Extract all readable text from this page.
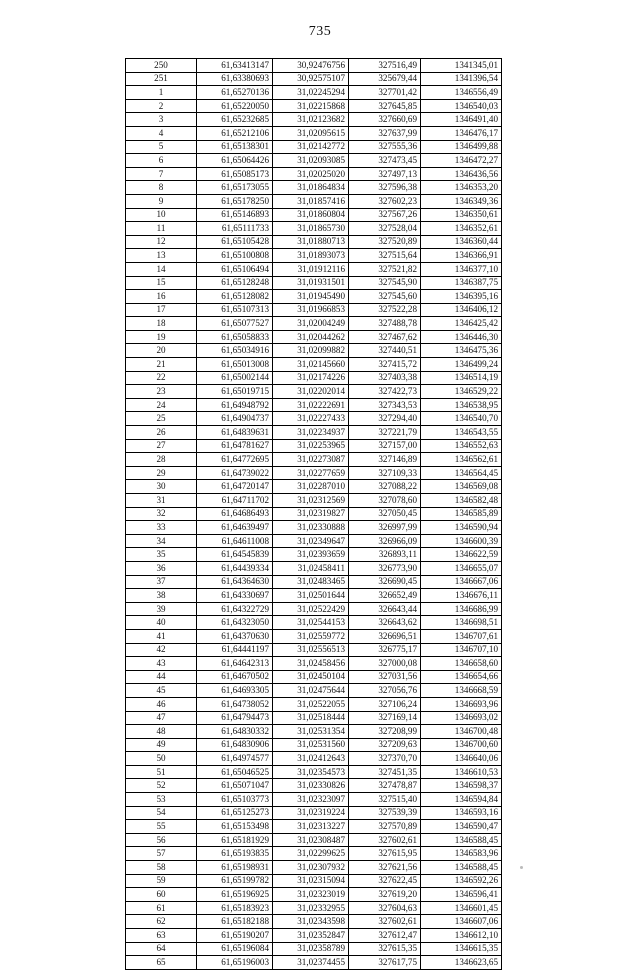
735
250	61,63413147	30,92476756	327516,49	1341345,01
251	61,63380693	30,92575107	325679,44	1341396,54
1	61,65270136	31,02245294	327701,42	1346556,49
2	61,65220050	31,02215868	327645,85	1346540,03
3	61,65232685	31,02123682	327660,69	1346491,40
4	61,65212106	31,02095615	327637,99	1346476,17
5	61,65138301	31,02142772	327555,36	1346499,88
6	61,65064426	31,02093085	327473,45	1346472,27
7	61,65085173	31,02025020	327497,13	1346436,56
8	61,65173055	31,01864834	327596,38	1346353,20
9	61,65178250	31,01857416	327602,23	1346349,36
10	61,65146893	31,01860804	327567,26	1346350,61
11	61,65111733	31,01865730	327528,04	1346352,61
12	61,65105428	31,01880713	327520,89	1346360,44
13	61,65100808	31,01893073	327515,64	1346366,91
14	61,65106494	31,01912116	327521,82	1346377,10
15	61,65128248	31,01931501	327545,90	1346387,75
16	61,65128082	31,01945490	327545,60	1346395,16
17	61,65107313	31,01966853	327522,28	1346406,12
18	61,65077527	31,02004249	327488,78	1346425,42
19	61,65058833	31,02044262	327467,62	1346446,30
20	61,65034916	31,02099882	327440,51	1346475,36
21	61,65013008	31,02145660	327415,72	1346499,24
22	61,65002144	31,02174226	327403,38	1346514,19
23	61,65019715	31,02202014	327422,73	1346529,22
24	61,64948792	31,02222691	327343,53	1346538,95
25	61,64904737	31,02227433	327294,40	1346540,70
26	61,64839631	31,02234937	327221,79	1346543,55
27	61,64781627	31,02253965	327157,00	1346552,63
28	61,64772695	31,02273087	327146,89	1346562,61
29	61,64739022	31,02277659	327109,33	1346564,45
30	61,64720147	31,02287010	327088,22	1346569,08
31	61,64711702	31,02312569	327078,60	1346582,48
32	61,64686493	31,02319827	327050,45	1346585,89
33	61,64639497	31,02330888	326997,99	1346590,94
34	61,64611008	31,02349647	326966,09	1346600,39
35	61,64545839	31,02393659	326893,11	1346622,59
36	61,64439334	31,02458411	326773,90	1346655,07
37	61,64364630	31,02483465	326690,45	1346667,06
38	61,64330697	31,02501644	326652,49	1346676,11
39	61,64322729	31,02522429	326643,44	1346686,99
40	61,64323050	31,02544153	326643,62	1346698,51
41	61,64370630	31,02559772	326696,51	1346707,61
42	61,64441197	31,02556513	326775,17	1346707,10
43	61,64642313	31,02458456	327000,08	1346658,60
44	61,64670502	31,02450104	327031,56	1346654,66
45	61,64693305	31,02475644	327056,76	1346668,59
46	61,64738052	31,02522055	327106,24	1346693,96
47	61,64794473	31,02518444	327169,14	1346693,02
48	61,64830332	31,02531354	327208,99	1346700,48
49	61,64830906	31,02531560	327209,63	1346700,60
50	61,64974577	31,02412643	327370,70	1346640,06
51	61,65046525	31,02354573	327451,35	1346610,53
52	61,65071047	31,02330826	327478,87	1346598,37
53	61,65103773	31,02323097	327515,40	1346594,84
54	61,65125273	31,02319224	327539,39	1346593,16
55	61,65153498	31,02313227	327570,89	1346590,47
56	61,65181929	31,02308487	327602,61	1346588,45
57	61,65193835	31,02299625	327615,95	1346583,96
58	61,65198931	31,02307932	327621,56	1346588,45
59	61,65199782	31,02315094	327622,45	1346592,26
60	61,65196925	31,02323019	327619,20	1346596,41
61	61,65183923	31,02332955	327604,63	1346601,45
62	61,65182188	31,02343598	327602,61	1346607,06
63	61,65190207	31,02352847	327612,47	1346612,10
64	61,65196084	31,02358789	327615,35	1346615,35
65	61,65196003	31,02374455	327617,75	1346623,65
